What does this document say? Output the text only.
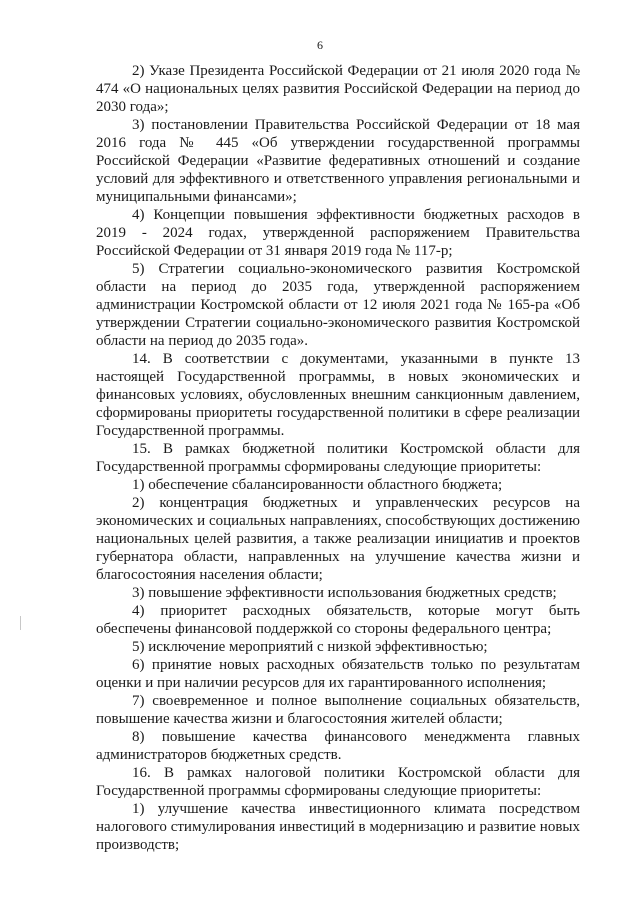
6

2) Указе Президента Российской Федерации от 21 июля 2020 года № 474 «О национальных целях развития Российской Федерации на период до 2030 года»;

3) постановлении Правительства Российской Федерации от 18 мая 2016 года № 445 «Об утверждении государственной программы Российской Федерации «Развитие федеративных отношений и создание условий для эффективного и ответственного управления региональными и муниципальными финансами»;

4) Концепции повышения эффективности бюджетных расходов в 2019 - 2024 годах, утвержденной распоряжением Правительства Российской Федерации от 31 января 2019 года № 117-р;

5) Стратегии социально-экономического развития Костромской области на период до 2035 года, утвержденной распоряжением администрации Костромской области от 12 июля 2021 года № 165-ра «Об утверждении Стратегии социально-экономического развития Костромской области на период до 2035 года».

14. В соответствии с документами, указанными в пункте 13 настоящей Государственной программы, в новых экономических и финансовых условиях, обусловленных внешним санкционным давлением, сформированы приоритеты государственной политики в сфере реализации Государственной программы.

15. В рамках бюджетной политики Костромской области для Государственной программы сформированы следующие приоритеты:

1) обеспечение сбалансированности областного бюджета;

2) концентрация бюджетных и управленческих ресурсов на экономических и социальных направлениях, способствующих достижению национальных целей развития, а также реализации инициатив и проектов губернатора области, направленных на улучшение качества жизни и благосостояния населения области;

3) повышение эффективности использования бюджетных средств;

4) приоритет расходных обязательств, которые могут быть обеспечены финансовой поддержкой со стороны федерального центра;

5) исключение мероприятий с низкой эффективностью;

6) принятие новых расходных обязательств только по результатам оценки и при наличии ресурсов для их гарантированного исполнения;

7) своевременное и полное выполнение социальных обязательств, повышение качества жизни и благосостояния жителей области;

8) повышение качества финансового менеджмента главных администраторов бюджетных средств.

16. В рамках налоговой политики Костромской области для Государственной программы сформированы следующие приоритеты:

1) улучшение качества инвестиционного климата посредством налогового стимулирования инвестиций в модернизацию и развитие новых производств;
